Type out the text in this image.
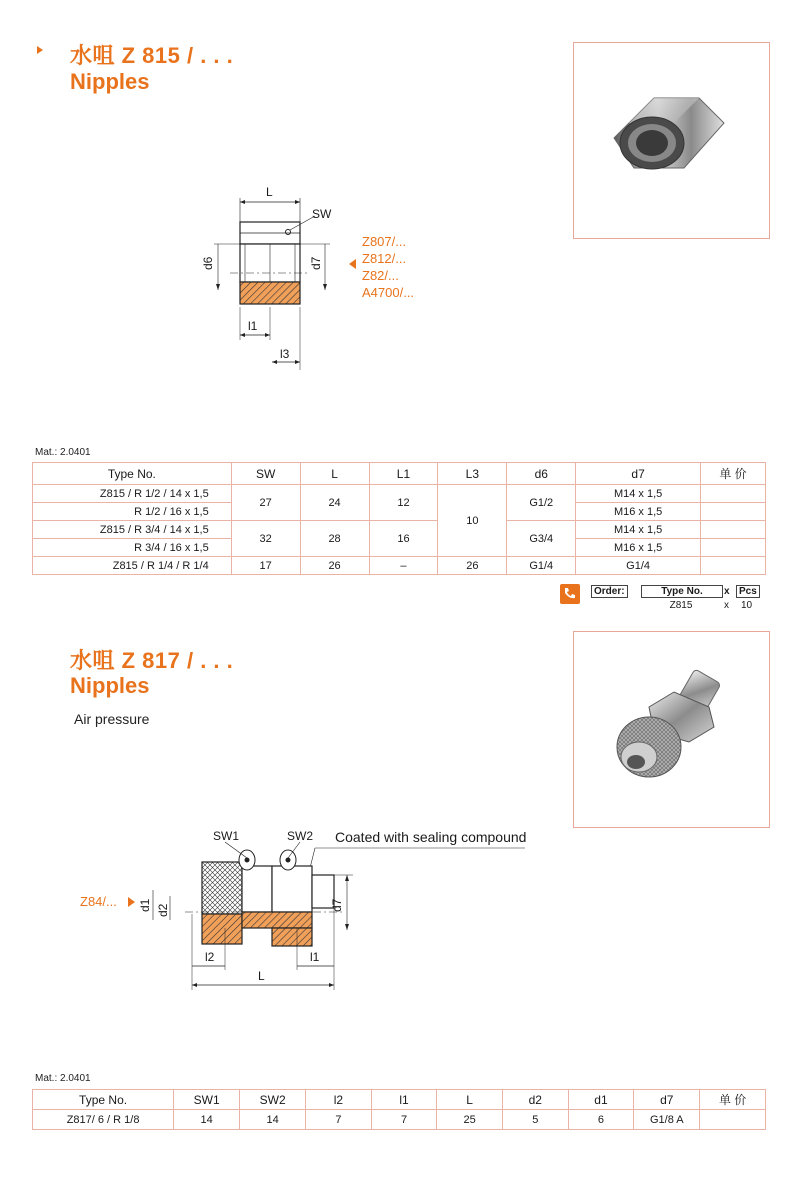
水咀 Z 815 / . . .
Nipples
L
SW
d6	d7
l1
l3
Z807/...
Z812/...
Z82/...
A4700/...
Mat.: 2.0401
Type No.	SW	L	L1	L3	d6	d7	单 价
Z815 / R 1/2 / 14 x 1,5	27	24	12	10	G1/2	M14 x 1,5	
R 1/2 / 16 x 1,5						M16 x 1,5	
Z815 / R 3/4 / 14 x 1,5	32	28	16		G3/4	M14 x 1,5	
R 3/4 / 16 x 1,5						M16 x 1,5	
Z815 / R 1/4 / R 1/4	17	26	–	26	G1/4	G1/4	
Order:	Type No.	x Pcs
Z815	x 10
水咀 Z 817 / . . .
Nipples
Air pressure
SW1	SW2 Coated with sealing compound
d1 d2	d7
l2	l1
L
Z84/...
Mat.: 2.0401
Type No.	SW1	SW2	l2	l1	L	d2	d1	d7	单 价
Z817/ 6 / R 1/8	14	14	7	7	25	5	6	G1/8 A	
